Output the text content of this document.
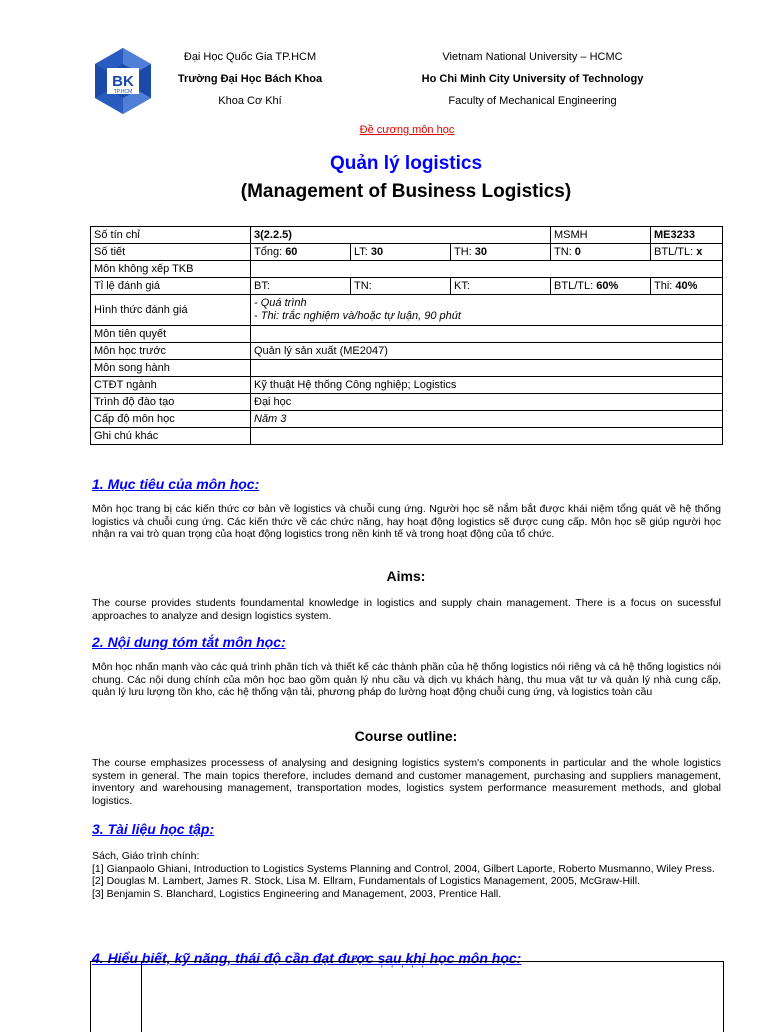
BK
TP.HCM
Đại Học Quốc Gia TP.HCM
Trường Đại Học Bách Khoa
Khoa Cơ Khí
Vietnam National University – HCMC
Ho Chi Minh City University of Technology
Faculty of Mechanical Engineering
Đề cương môn học
Quản lý logistics
(Management of Business Logistics)
Số tín chỉ	3(2.2.5)			MSMH	ME3233
Số tiết	Tổng: 60	LT: 30	TH: 30	TN: 0	BTL/TL: x
Môn không xếp TKB					
Tỉ lệ đánh giá	BT:	TN:	KT:	BTL/TL: 60%	Thi: 40%
Hình thức đánh giá	- Quá trình
- Thi: trắc nghiệm và/hoặc tự luận, 90 phút				

Môn tiên quyết					
Môn học trước	Quản lý sản xuất (ME2047)				
Môn song hành					
CTĐT ngành	Kỹ thuật Hệ thống Công nghiệp; Logistics				
Trình độ đào tạo	Đại học				
Cấp độ môn học	Năm 3				
Ghi chú khác					
1. Mục tiêu của môn học:
Môn học trang bị các kiến thức cơ bản về logistics và chuỗi cung ứng. Người học sẽ nắm bắt được khái niệm tổng quát về hệ thống logistics và chuỗi cung ứng. Các kiến thức về các chức năng, hay hoạt động logistics sẽ được cung cấp. Môn học sẽ giúp người học nhận ra vai trò quan trọng của hoạt động logistics trong nền kinh tế và trong hoạt động của tổ chức.
Aims:
The course provides students foundamental knowledge in logistics and supply chain management. There is a focus on sucessful approaches to analyze and design logistics system.
2. Nội dung tóm tắt môn học:
Môn học nhấn mạnh vào các quá trình phân tích và thiết kế các thành phần của hệ thống logistics nói riêng và cả hệ thống logistics nói chung. Các nội dung chính của môn học bao gồm quản lý nhu cầu và dịch vụ khách hàng, thu mua vật tư và quản lý nhà cung cấp, quản lý lưu lượng tồn kho, các hệ thống vận tải, phương pháp đo lường hoạt động chuỗi cung ứng, và logistics toàn cầu
Course outline:
The course emphasizes processess of analysing and designing logistics system's components in particular and the whole logistics system in general. The main topics therefore, includes demand and customer management, purchasing and suppliers management, inventory and warehousing management, transportation modes, logistics system performance measurement methods, and global logistics.
3. Tài liệu học tập:
Sách, Giáo trình chính:
[1] Gianpaolo Ghiani, Introduction to Logistics Systems Planning and Control, 2004, Gilbert Laporte, Roberto Musmanno, Wiley Press.
[2] Douglas M. Lambert, James R. Stock, Lisa M. Ellram, Fundamentals of Logistics Management, 2005, McGraw-Hill.
[3] Benjamin S. Blanchard, Logistics Engineering and Management, 2003, Prentice Hall.
4. Hiểu biết, kỹ năng, thái độ cần đạt được sau khi học môn học:
' ' ' ' '
